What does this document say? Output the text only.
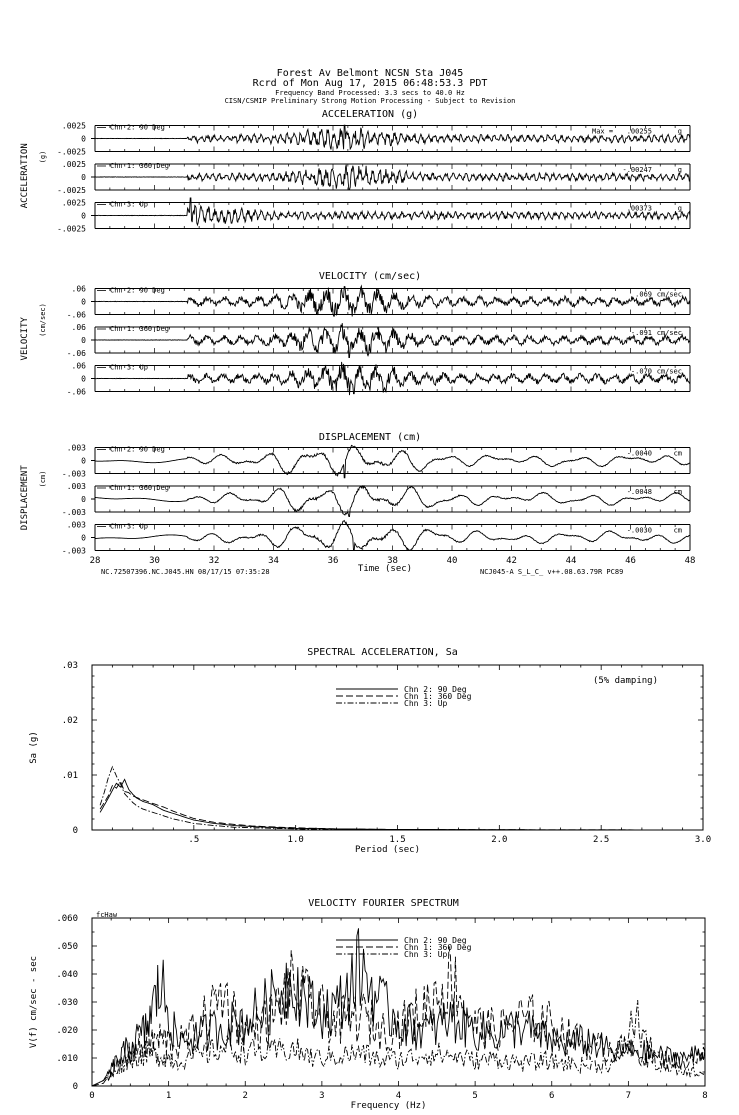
Forest Av Belmont NCSN Sta J045
Rcrd of Mon Aug 17, 2015 06:48:53.3 PDT
Frequency Band Processed: 3.3 secs to 40.0 Hz
CISN/CSMIP Preliminary Strong Motion Processing - Subject to Revision
ACCELERATION (g)
ACCELERATION (g)
.0025
0
-.0025
Chn 2: 90 Deg	Max = .00255	g
.0025
0
-.0025
Chn 1: 360 Deg	-.00247	g
.0025
0
-.0025
Chn 3: Up	.00373	g
VELOCITY (cm/sec)
VELOCITY (cm/sec)
.06
0
-.06
Chn 2: 90 Deg	.069 cm/sec
.06
0
-.06
Chn 1: 360 Deg	-.091 cm/sec
.06
0
-.06
Chn 3: Up	-.070 cm/sec
DISPLACEMENT (cm)
DISPLACEMENT (cm)
.003
0
-.003
Chn 2: 90 Deg	-.0040	cm
.003
0
-.003
Chn 1: 360 Deg	-.0048	cm
.003
0
-.003
Chn 3: Up	-.0030	cm
28	30	32	34	36	38	40	42	44	46	48
Time (sec)
NC.72507396.NC.J045.HN 08/17/15 07:35:28	NCJ045-A S_L_C_ v++.08.63.79R PC89
SPECTRAL ACCELERATION, Sa
.5	1.0	1.5	2.0	2.5	3.0
0
.01
.02
.03
Period (sec)
Sa (g)
(5% damping)
Chn 2: 90 Deg
Chn 1: 360 Deg
Chn 3: Up
VELOCITY FOURIER SPECTRUM
0	1	2	3	4	5	6	7	8
0
.010
.020
.030
.040
.050
.060
Frequency (Hz)
V(f) cm/sec - sec
fcHaw
Chn 2: 90 Deg
Chn 1: 360 Deg
Chn 3: Up
